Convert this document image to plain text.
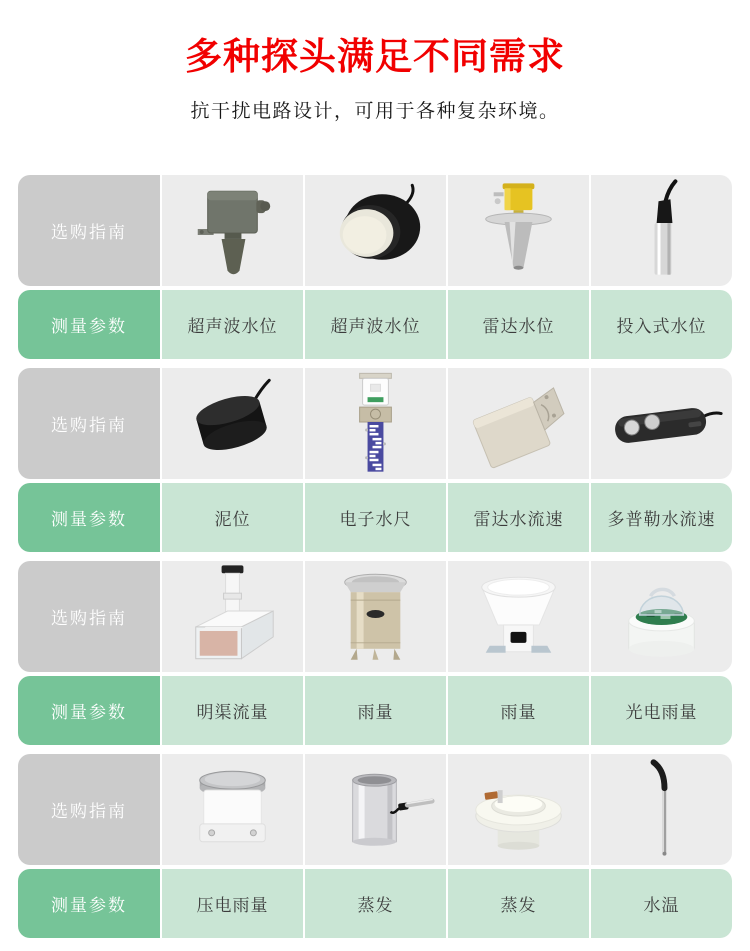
多种探头满足不同需求
抗干扰电路设计，可用于各种复杂环境。
选购指南
测量参数	超声波水位	超声波水位	雷达水位	投入式水位
选购指南
测量参数	泥位	电子水尺	雷达水流速	多普勒水流速
选购指南
测量参数	明渠流量	雨量	雨量	光电雨量
选购指南
测量参数	压电雨量	蒸发	蒸发	水温
